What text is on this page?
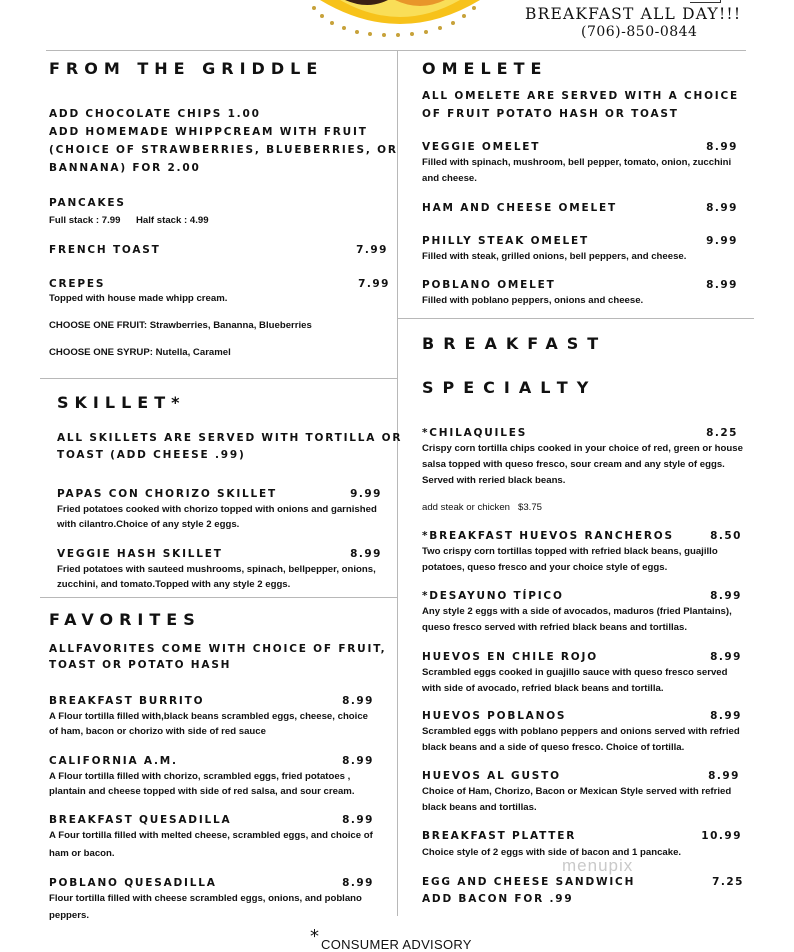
BREAKFAST ALL DAY!!!
(706)-850-0844
FROM THE GRIDDLE
ADD CHOCOLATE CHIPS 1.00
ADD HOMEMADE WHIPPCREAM WITH FRUIT
(CHOICE OF STRAWBERRIES, BLUEBERRIES, OR
BANNANA) FOR 2.00
PANCAKES
Full stack : 7.99 Half stack : 4.99
FRENCH TOAST	7.99
CREPES	7.99
Topped with house made whipp cream.
CHOOSE ONE FRUIT: Strawberries, Bananna, Blueberries
CHOOSE ONE SYRUP: Nutella, Caramel
SKILLET*
ALL SKILLETS ARE SERVED WITH TORTILLA OR
TOAST (ADD CHEESE .99)
PAPAS CON CHORIZO SKILLET	9.99
Fried potatoes cooked with chorizo topped with onions and garnished
with cilantro.Choice of any style 2 eggs.
VEGGIE HASH SKILLET	8.99
Fried potatoes with sauteed mushrooms, spinach, bellpepper, onions,
zucchini, and tomato.Topped with any style 2 eggs.
FAVORITES
ALLFAVORITES COME WITH CHOICE OF FRUIT,
TOAST OR POTATO HASH
BREAKFAST BURRITO	8.99
A Flour tortilla filled with,black beans scrambled eggs, cheese, choice
of ham, bacon or chorizo with side of red sauce
CALIFORNIA A.M.	8.99
A Flour tortilla filled with chorizo, scrambled eggs, fried potatoes ,
plantain and cheese topped with side of red salsa, and sour cream.
BREAKFAST QUESADILLA	8.99
A Four tortilla filled with melted cheese, scrambled eggs, and choice of
ham or bacon.
POBLANO QUESADILLA	8.99
Flour tortilla filled with cheese scrambled eggs, onions, and poblano
peppers.
OMELETE
ALL OMELETE ARE SERVED WITH A CHOICE
OF FRUIT POTATO HASH OR TOAST
VEGGIE OMELET	8.99
Filled with spinach, mushroom, bell pepper, tomato, onion, zucchini
and cheese.
HAM AND CHEESE OMELET	8.99
PHILLY STEAK OMELET	9.99
Filled with steak, grilled onions, bell peppers, and cheese.
POBLANO OMELET	8.99
Filled with poblano peppers, onions and cheese.
BREAKFAST
SPECIALTY
*CHILAQUILES	8.25
Crispy corn tortilla chips cooked in your choice of red, green or house
salsa topped with queso fresco, sour cream and any style of eggs.
Served with reried black beans.
add steak or chicken   $3.75
*BREAKFAST HUEVOS RANCHEROS	8.50
Two crispy corn tortillas topped with refried black beans, guajillo
potatoes, queso fresco and your choice style of eggs.
*DESAYUNO TÍPICO	8.99
Any style 2 eggs with a side of avocados, maduros (fried Plantains),
queso fresco served with refried black beans and tortillas.
HUEVOS EN CHILE ROJO	8.99
Scrambled eggs cooked in guajillo sauce with queso fresco served
with side of avocado, refried black beans and tortilla.
HUEVOS POBLANOS	8.99
Scrambled eggs with poblano peppers and onions served with refried
black beans and a side of queso fresco. Choice of tortilla.
HUEVOS AL GUSTO	8.99
Choice of Ham, Chorizo, Bacon or Mexican Style served with refried
black beans and tortillas.
BREAKFAST PLATTER	10.99
Choice style of 2 eggs with side of bacon and 1 pancake.
EGG AND CHEESE SANDWICH	7.25
ADD BACON FOR .99
menupix
* CONSUMER ADVISORY
